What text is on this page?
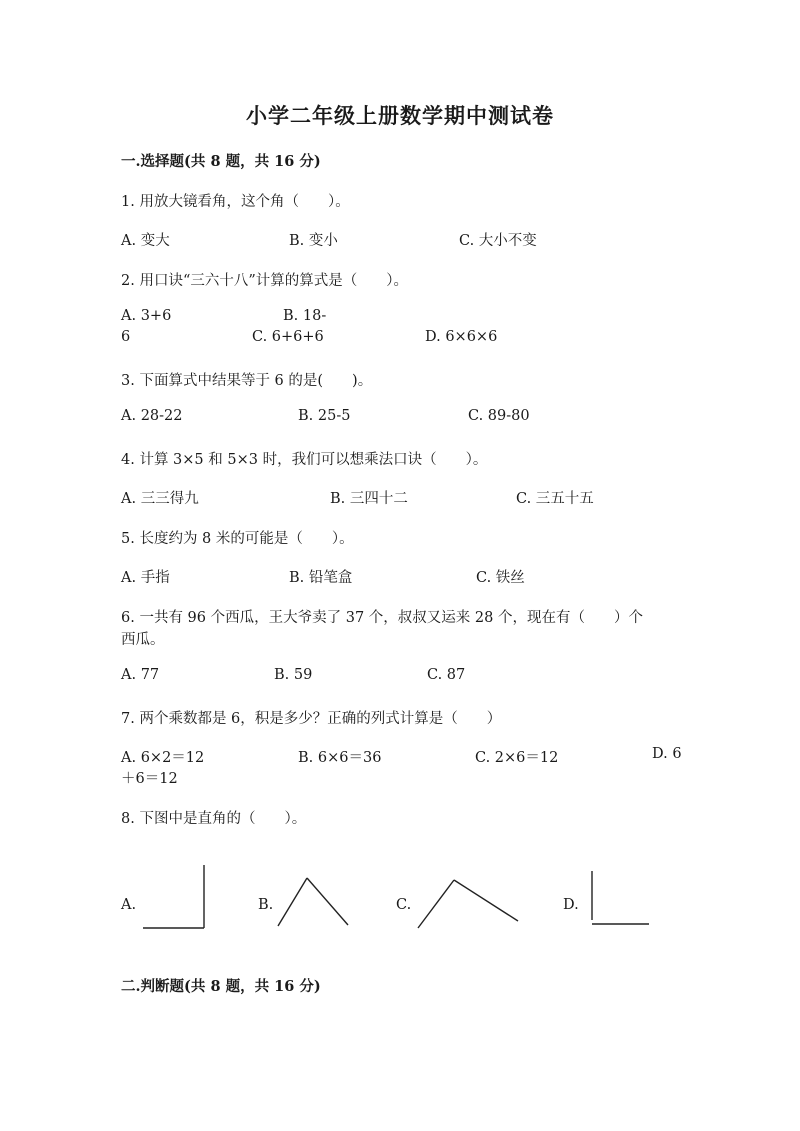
小学二年级上册数学期中测试卷
一.选择题(共 8 题，共 16 分)
1. 用放大镜看角，这个角（　　）。
A. 变大	B. 变小	C. 大小不变
2. 用口诀“三六十八”计算的算式是（　　）。
A. 3+6	B. 18-
6	C. 6+6+6	D. 6×6×6
3. 下面算式中结果等于 6 的是(　　)。
A. 28-22	B. 25-5	C. 89-80
4. 计算 3×5 和 5×3 时，我们可以想乘法口诀（　　）。
A. 三三得九	B. 三四十二	C. 三五十五
5. 长度约为 8 米的可能是（　　）。
A. 手指	B. 铅笔盒	C. 铁丝
6. 一共有 96 个西瓜，王大爷卖了 37 个，叔叔又运来 28 个，现在有（　　）个
西瓜。
A. 77	B. 59	C. 87
7. 两个乘数都是 6，积是多少？正确的列式计算是（　　）
A. 6×2＝12	B. 6×6＝36	C. 2×6＝12	D. 6
＋6＝12
8. 下图中是直角的（　　）。
A.	B.	C.	D.
二.判断题(共 8 题，共 16 分)
